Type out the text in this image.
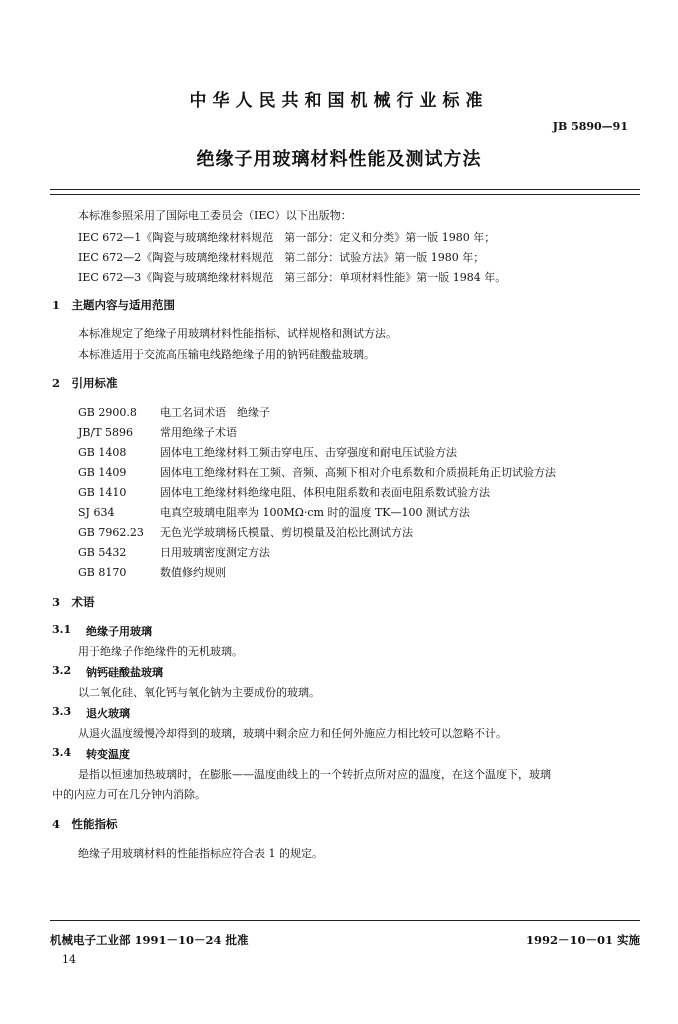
中华人民共和国机械行业标准
JB 5890—91
绝缘子用玻璃材料性能及测试方法
本标准参照采用了国际电工委员会（IEC）以下出版物：
IEC 672—1《陶瓷与玻璃绝缘材料规范　第一部分：定义和分类》第一版 1980 年；
IEC 672—2《陶瓷与玻璃绝缘材料规范　第二部分：试验方法》第一版 1980 年；
IEC 672—3《陶瓷与玻璃绝缘材料规范　第三部分：单项材料性能》第一版 1984 年。
1　主题内容与适用范围
本标准规定了绝缘子用玻璃材料性能指标、试样规格和测试方法。
本标准适用于交流高压输电线路绝缘子用的钠钙硅酸盐玻璃。
2　引用标准
GB 2900.8 电工名词术语　绝缘子
JB/T 5896 常用绝缘子术语
GB 1408	固体电工绝缘材料工频击穿电压、击穿强度和耐电压试验方法
GB 1409	固体电工绝缘材料在工频、音频、高频下相对介电系数和介质损耗角正切试验方法
GB 1410	固体电工绝缘材料绝缘电阻、体积电阻系数和表面电阻系数试验方法
SJ 634	电真空玻璃电阻率为 100MΩ·cm 时的温度 TK—100 测试方法
GB 7962.23 无色光学玻璃杨氏模量、剪切模量及泊松比测试方法
GB 5432	日用玻璃密度测定方法
GB 8170	数值修约规则
3　术语
3.1 绝缘子用玻璃
用于绝缘子作绝缘件的无机玻璃。
3.2 钠钙硅酸盐玻璃
以二氧化硅、氧化钙与氧化钠为主要成份的玻璃。
3.3 退火玻璃
从退火温度缓慢冷却得到的玻璃，玻璃中剩余应力和任何外施应力相比较可以忽略不计。
3.4 转变温度
是指以恒速加热玻璃时，在膨胀——温度曲线上的一个转折点所对应的温度，在这个温度下，玻璃
中的内应力可在几分钟内消除。
4　性能指标
绝缘子用玻璃材料的性能指标应符合表 1 的规定。
机械电子工业部 1991－10－24 批准	1992－10－01 实施
14
